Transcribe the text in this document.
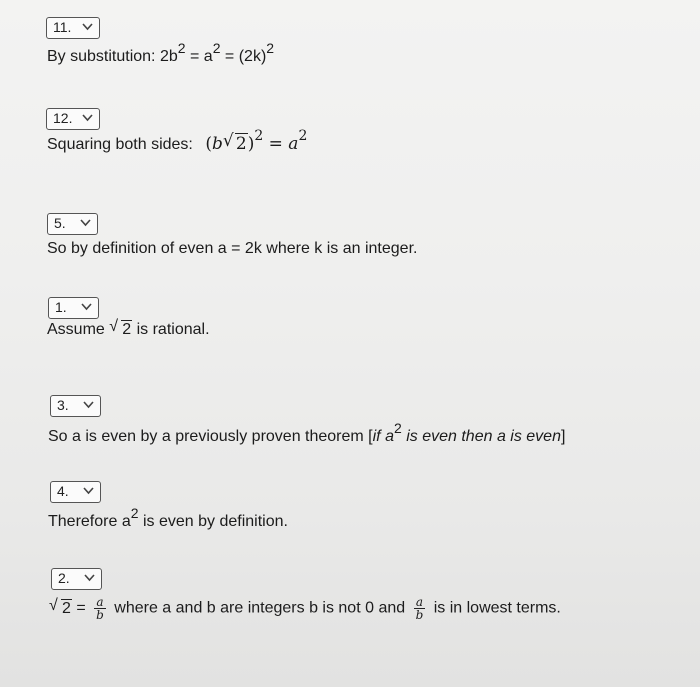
11.
By substitution: $2b^2 = a^2 = (2k)^2$
12.
Squaring both sides: (b √ $2)^2 = a^2$
5.
So by definition of even a = 2k where k is an integer.
1.
Assume √ 2 is rational.
3.
So a is even by a previously proven theorem [if $a^2$ is even then a is even]
4.
Therefore $a^2$ is even by definition.
2.
√ $2 = \frac{a}{b}$ where a and b are integers b is not 0 and $\frac{a}{b}$ is in lowest terms.
